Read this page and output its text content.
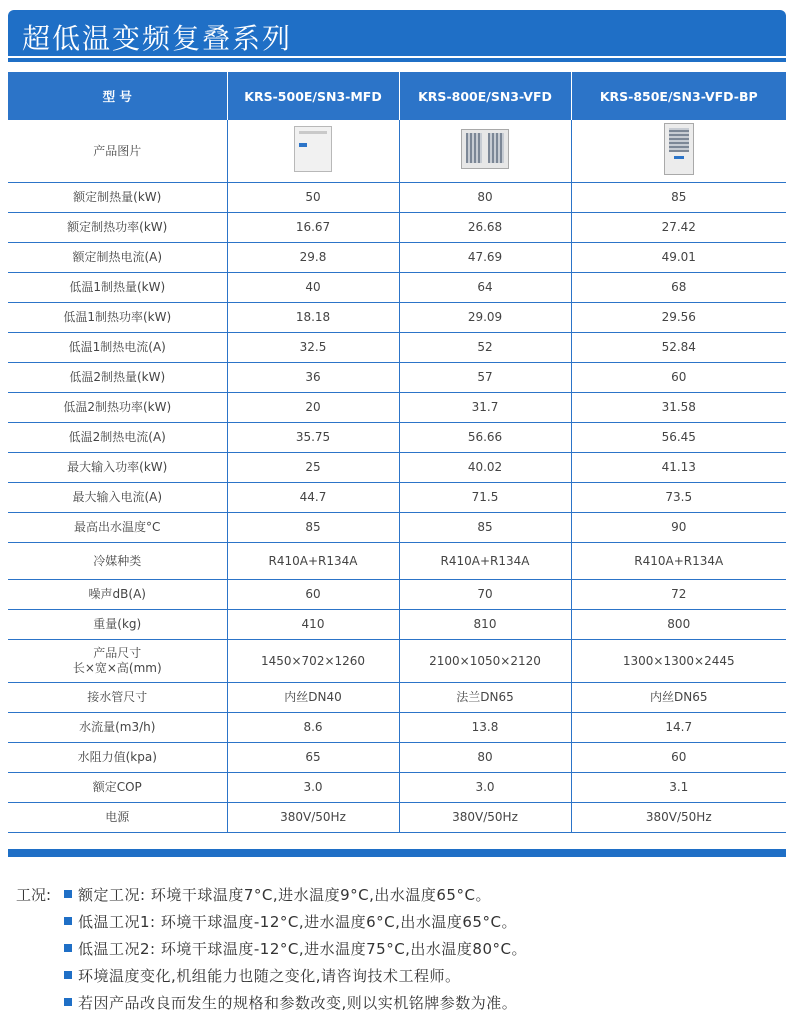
超低温变频复叠系列
型 号	KRS-500E/SN3-MFD	KRS-800E/SN3-VFD	KRS-850E/SN3-VFD-BP
产品图片			
额定制热量(kW)	50	80	85
额定制热功率(kW)	16.67	26.68	27.42
额定制热电流(A)	29.8	47.69	49.01
低温1制热量(kW)	40	64	68
低温1制热功率(kW)	18.18	29.09	29.56
低温1制热电流(A)	32.5	52	52.84
低温2制热量(kW)	36	57	60
低温2制热功率(kW)	20	31.7	31.58
低温2制热电流(A)	35.75	56.66	56.45
最大输入功率(kW)	25	40.02	41.13
最大输入电流(A)	44.7	71.5	73.5
最高出水温度°C	85	85	90
冷媒种类	R410A+R134A	R410A+R134A	R410A+R134A
噪声dB(A)	60	70	72
重量(kg)	410	810	800
产品尺寸
长×宽×高(mm)	1450×702×1260	2100×1050×2120	1300×1300×2445
接水管尺寸	内丝DN40	法兰DN65	内丝DN65
水流量(m3/h)	8.6	13.8	14.7
水阻力值(kpa)	65	80	60
额定COP	3.0	3.0	3.1
电源	380V/50Hz	380V/50Hz	380V/50Hz
工况:	额定工况: 环境干球温度7°C,进水温度9°C,出水温度65°C。
低温工况1: 环境干球温度-12°C,进水温度6°C,出水温度65°C。
低温工况2: 环境干球温度-12°C,进水温度75°C,出水温度80°C。
环境温度变化,机组能力也随之变化,请咨询技术工程师。
若因产品改良而发生的规格和参数改变,则以实机铭牌参数为准。
